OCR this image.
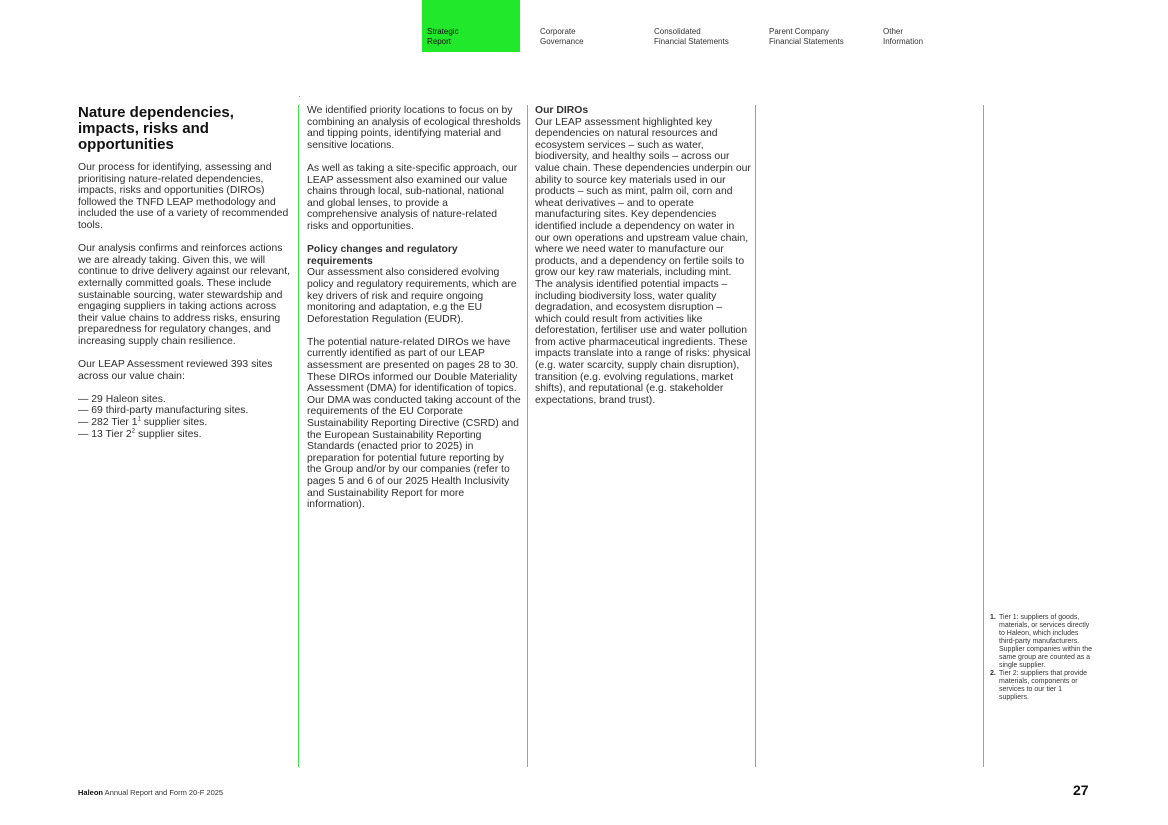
Strategic
Report
Corporate
Governance
Consolidated
Financial Statements
Parent Company
Financial Statements
Other
Information
Nature dependencies, impacts, risks and opportunities

Our process for identifying, assessing and prioritising nature-related dependencies, impacts, risks and opportunities (DIROs) followed the TNFD LEAP methodology and included the use of a variety of recommended tools.

Our analysis confirms and reinforces actions we are already taking. Given this, we will continue to drive delivery against our relevant, externally committed goals. These include sustainable sourcing, water stewardship and engaging suppliers in taking actions across their value chains to address risks, ensuring preparedness for regulatory changes, and increasing supply chain resilience.

Our LEAP Assessment reviewed 393 sites across our value chain:

— 29 Haleon sites.
— 69 third-party manufacturing sites.
— 282 Tier $1^1$ supplier sites.
— 13 Tier $2^2$ supplier sites.

We identified priority locations to focus on by combining an analysis of ecological thresholds and tipping points, identifying material and sensitive locations.

As well as taking a site-specific approach, our LEAP assessment also examined our value chains through local, sub-national, national and global lenses, to provide a comprehensive analysis of nature-related risks and opportunities.

Policy changes and regulatory requirements

Our assessment also considered evolving policy and regulatory requirements, which are key drivers of risk and require ongoing monitoring and adaptation, e.g the EU Deforestation Regulation (EUDR).

The potential nature-related DIROs we have currently identified as part of our LEAP assessment are presented on pages 28 to 30. These DIROs informed our Double Materiality Assessment (DMA) for identification of topics. Our DMA was conducted taking account of the requirements of the EU Corporate Sustainability Reporting Directive (CSRD) and the European Sustainability Reporting Standards (enacted prior to 2025) in preparation for potential future reporting by the Group and/or by our companies (refer to pages 5 and 6 of our 2025 Health Inclusivity and Sustainability Report for more information).

Our DIROs

Our LEAP assessment highlighted key dependencies on natural resources and ecosystem services – such as water, biodiversity, and healthy soils – across our value chain. These dependencies underpin our ability to source key materials used in our products – such as mint, palm oil, corn and wheat derivatives – and to operate manufacturing sites. Key dependencies identified include a dependency on water in our own operations and upstream value chain, where we need water to manufacture our products, and a dependency on fertile soils to grow our key raw materials, including mint. The analysis identified potential impacts – including biodiversity loss, water quality degradation, and ecosystem disruption – which could result from activities like deforestation, fertiliser use and water pollution from active pharmaceutical ingredients. These impacts translate into a range of risks: physical (e.g. water scarcity, supply chain disruption), transition (e.g. evolving regulations, market shifts), and reputational (e.g. stakeholder expectations, brand trust).

1. Tier 1: suppliers of goods, materials, or services directly to Haleon, which includes third-party manufacturers. Supplier companies within the same group are counted as a single supplier.
2. Tier 2: suppliers that provide materials, components or services to our tier 1 suppliers.
Haleon Annual Report and Form 20-F 2025	27
